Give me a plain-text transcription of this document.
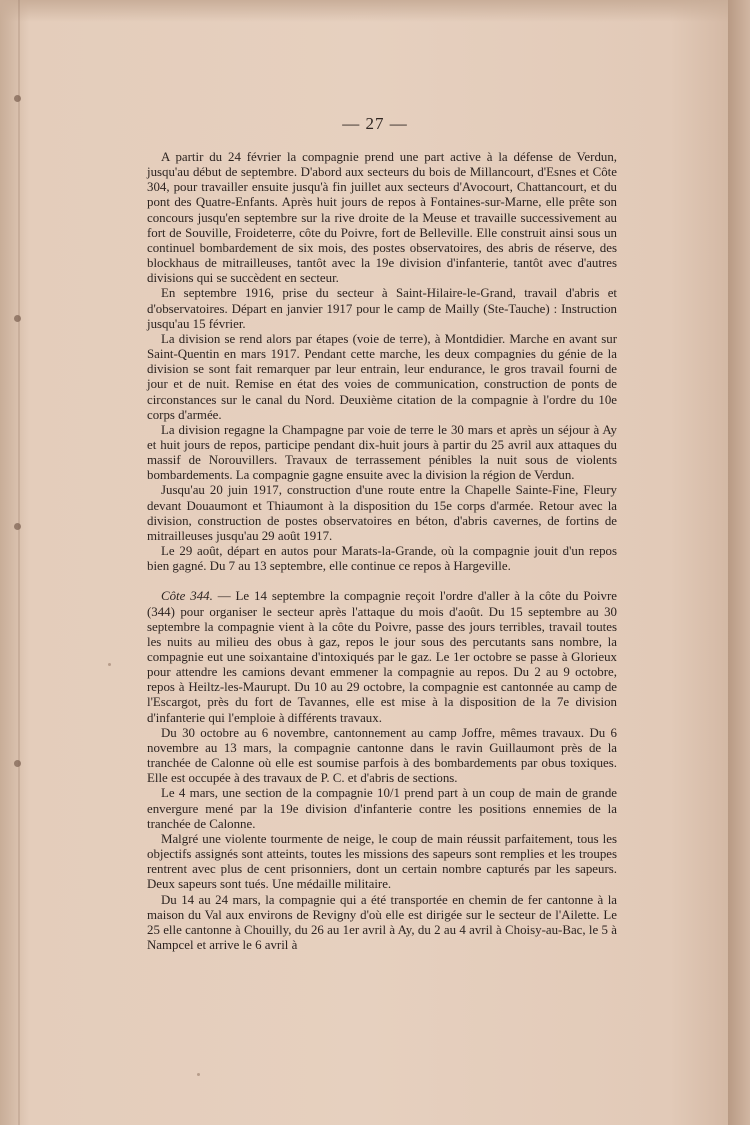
— 27 —

A partir du 24 février la compagnie prend une part active à la défense de Verdun, jusqu'au début de septembre. D'abord aux secteurs du bois de Millancourt, d'Esnes et Côte 304, pour travailler ensuite jusqu'à fin juillet aux secteurs d'Avocourt, Chattancourt, et du pont des Quatre-Enfants. Après huit jours de repos à Fontaines-sur-Marne, elle prête son concours jusqu'en septembre sur la rive droite de la Meuse et travaille successivement au fort de Souville, Froideterre, côte du Poivre, fort de Belleville. Elle construit ainsi sous un continuel bombardement de six mois, des postes observatoires, des abris de réserve, des blockhaus de mitrailleuses, tantôt avec la 19e division d'infanterie, tantôt avec d'autres divisions qui se succèdent en secteur.

En septembre 1916, prise du secteur à Saint-Hilaire-le-Grand, travail d'abris et d'observatoires. Départ en janvier 1917 pour le camp de Mailly (Ste-Tauche) : Instruction jusqu'au 15 février.

La division se rend alors par étapes (voie de terre), à Montdidier. Marche en avant sur Saint-Quentin en mars 1917. Pendant cette marche, les deux compagnies du génie de la division se sont fait remarquer par leur entrain, leur endurance, le gros travail fourni de jour et de nuit. Remise en état des voies de communication, construction de ponts de circonstances sur le canal du Nord. Deuxième citation de la compagnie à l'ordre du 10e corps d'armée.

La division regagne la Champagne par voie de terre le 30 mars et après un séjour à Ay et huit jours de repos, participe pendant dix-huit jours à partir du 25 avril aux attaques du massif de Norouvillers. Travaux de terrassement pénibles la nuit sous de violents bombardements. La compagnie gagne ensuite avec la division la région de Verdun.

Jusqu'au 20 juin 1917, construction d'une route entre la Chapelle Sainte-Fine, Fleury devant Douaumont et Thiaumont à la disposition du 15e corps d'armée. Retour avec la division, construction de postes observatoires en béton, d'abris cavernes, de fortins de mitrailleuses jusqu'au 29 août 1917.

Le 29 août, départ en autos pour Marats-la-Grande, où la compagnie jouit d'un repos bien gagné. Du 7 au 13 septembre, elle continue ce repos à Hargeville.

Côte 344. — Le 14 septembre la compagnie reçoit l'ordre d'aller à la côte du Poivre (344) pour organiser le secteur après l'attaque du mois d'août. Du 15 septembre au 30 septembre la compagnie vient à la côte du Poivre, passe des jours terribles, travail toutes les nuits au milieu des obus à gaz, repos le jour sous des percutants sans nombre, la compagnie eut une soixantaine d'intoxiqués par le gaz. Le 1er octobre se passe à Glorieux pour attendre les camions devant emmener la compagnie au repos. Du 2 au 9 octobre, repos à Heiltz-les-Maurupt. Du 10 au 29 octobre, la compagnie est cantonnée au camp de l'Escargot, près du fort de Tavannes, elle est mise à la disposition de la 7e division d'infanterie qui l'emploie à différents travaux.

Du 30 octobre au 6 novembre, cantonnement au camp Joffre, mêmes travaux. Du 6 novembre au 13 mars, la compagnie cantonne dans le ravin Guillaumont près de la tranchée de Calonne où elle est soumise parfois à des bombardements par obus toxiques. Elle est occupée à des travaux de P. C. et d'abris de sections.

Le 4 mars, une section de la compagnie 10/1 prend part à un coup de main de grande envergure mené par la 19e division d'infanterie contre les positions ennemies de la tranchée de Calonne.

Malgré une violente tourmente de neige, le coup de main réussit parfaitement, tous les objectifs assignés sont atteints, toutes les missions des sapeurs sont remplies et les troupes rentrent avec plus de cent prisonniers, dont un certain nombre capturés par les sapeurs. Deux sapeurs sont tués. Une médaille militaire.

Du 14 au 24 mars, la compagnie qui a été transportée en chemin de fer cantonne à la maison du Val aux environs de Revigny d'où elle est dirigée sur le secteur de l'Ailette. Le 25 elle cantonne à Chouilly, du 26 au 1er avril à Ay, du 2 au 4 avril à Choisy-au-Bac, le 5 à Nampcel et arrive le 6 avril à
